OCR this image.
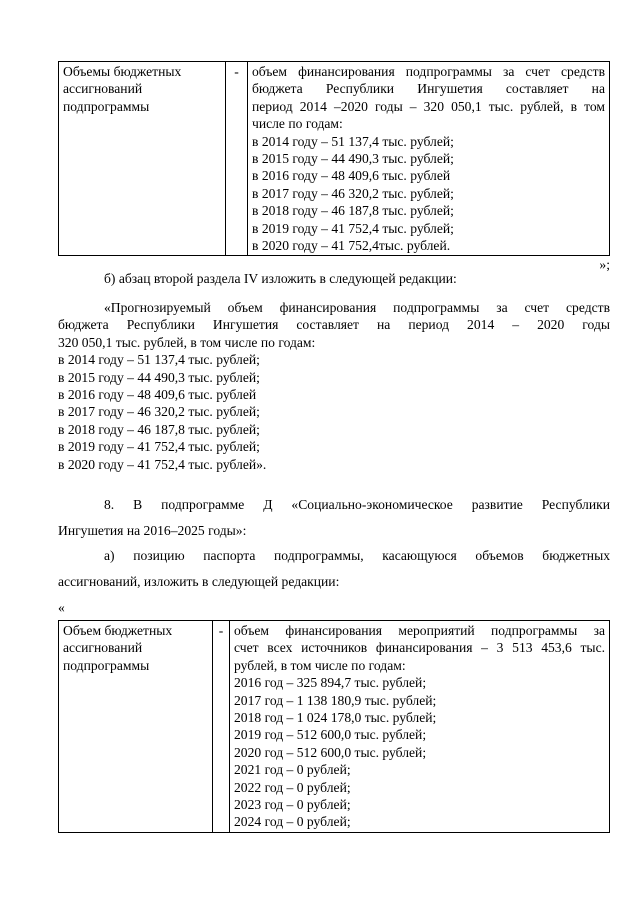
Объемы бюджетных ассигнований подпрограммы	-	объем финансирования подпрограммы за счет средств
бюджета Республики Ингушетия составляет на
период 2014 –2020 годы – 320 050,1 тыс. рублей, в том
числе по годам:
в 2014 году – 51 137,4 тыс. рублей;
в 2015 году – 44 490,3 тыс. рублей;
в 2016 году – 48 409,6 тыс. рублей
в 2017 году – 46 320,2 тыс. рублей;
в 2018 году – 46 187,8 тыс. рублей;
в 2019 году – 41 752,4 тыс. рублей;
в 2020 году – 41 752,4тыс. рублей.
»;
б) абзац второй раздела IV изложить в следующей редакции:
«Прогнозируемый объем финансирования подпрограммы за счет средств
бюджета Республики Ингушетия составляет на период 2014 – 2020 годы
320 050,1 тыс. рублей, в том числе по годам:
в 2014 году – 51 137,4 тыс. рублей;
в 2015 году – 44 490,3 тыс. рублей;
в 2016 году – 48 409,6 тыс. рублей
в 2017 году – 46 320,2 тыс. рублей;
в 2018 году – 46 187,8 тыс. рублей;
в 2019 году – 41 752,4 тыс. рублей;
в 2020 году – 41 752,4 тыс. рублей».
8. В подпрограмме Д «Социально-экономическое развитие Республики
Ингушетия на 2016–2025 годы»:
а) позицию паспорта подпрограммы, касающуюся объемов бюджетных
ассигнований, изложить в следующей редакции:
«
Объем бюджетных ассигнований подпрограммы	-	объем финансирования мероприятий подпрограммы за
счет всех источников финансирования – 3 513 453,6 тыс.
рублей, в том числе по годам:
2016 год – 325 894,7 тыс. рублей;
2017 год – 1 138 180,9 тыс. рублей;
2018 год – 1 024 178,0 тыс. рублей;
2019 год – 512 600,0 тыс. рублей;
2020 год – 512 600,0 тыс. рублей;
2021 год – 0 рублей;
2022 год – 0 рублей;
2023 год – 0 рублей;
2024 год – 0 рублей;
